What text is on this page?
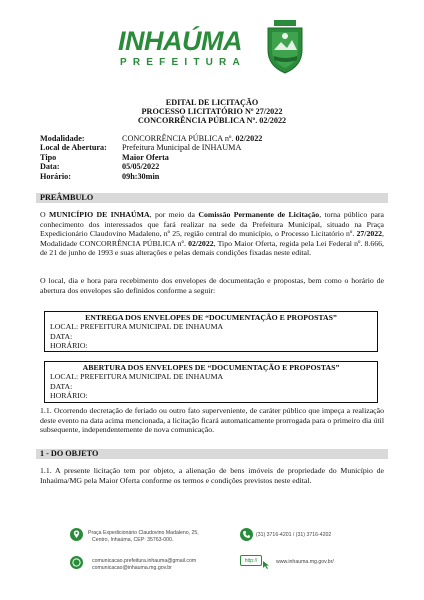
INHAÚMA
PREFEITURA
EDITAL DE LICITAÇÃO
PROCESSO LICITATÓRIO Nº 27/2022
CONCORRÊNCIA PÚBLICA Nº. 02/2022
Modalidade:	CONCORRÊNCIA PÚBLICA nº. 02/2022
Local de Abertura:	Prefeitura Municipal de INHAUMA
Tipo	Maior Oferta
Data:	05/05/2022
Horário:	09h:30min
PREÂMBULO
O MUNICÍPIO DE INHAÚMA, por meio da Comissão Permanente de Licitação, torna público para conhecimento dos interessados que fará realizar na sede da Prefeitura Municipal, situado na Praça Expedicionário Claudovino Madaleno, nº 25, região central do município, o Processo Licitatório nº. 27/2022, Modalidade CONCORRÊNCIA PÚBLICA nº. 02/2022, Tipo Maior Oferta, regida pela Lei Federal nº. 8.666, de 21 de junho de 1993 e suas alterações e pelas demais condições fixadas neste edital.
O local, dia e hora para recebimento dos envelopes de documentação e propostas, bem como o horário de abertura dos envelopes são definidos conforme a seguir:
ENTREGA DOS ENVELOPES DE “DOCUMENTAÇÃO E PROPOSTAS”
LOCAL: PREFEITURA MUNICIPAL DE INHAUMA
DATA:
HORÁRIO:
ABERTURA DOS ENVELOPES DE “DOCUMENTAÇÃO E PROPOSTAS”
LOCAL: PREFEITURA MUNICIPAL DE INHAUMA
DATA:
HORÁRIO:
1.1. Ocorrendo decretação de feriado ou outro fato superveniente, de caráter público que impeça a realização deste evento na data acima mencionada, a licitação ficará automaticamente prorrogada para o primeiro dia útil subsequente, independentemente de nova comunicação.
1 - DO OBJETO
1.1. A presente licitação tem por objeto, a alienação de bens imóveis de propriedade do Município de Inhaúma/MG pela Maior Oferta conforme os termos e condições previstos neste edital.
Praça Expedicionário Claudovino Madaleno, 25,
Centro, Inhaúma, CEP: 35763-000.
(31) 3716-4201 / (31) 3716-4202
comunicacao.prefeitura.inhauma@gmail.com
comunicacao@inhauma.mg.gov.br
http://	www.inhauma.mg.gov.br/
